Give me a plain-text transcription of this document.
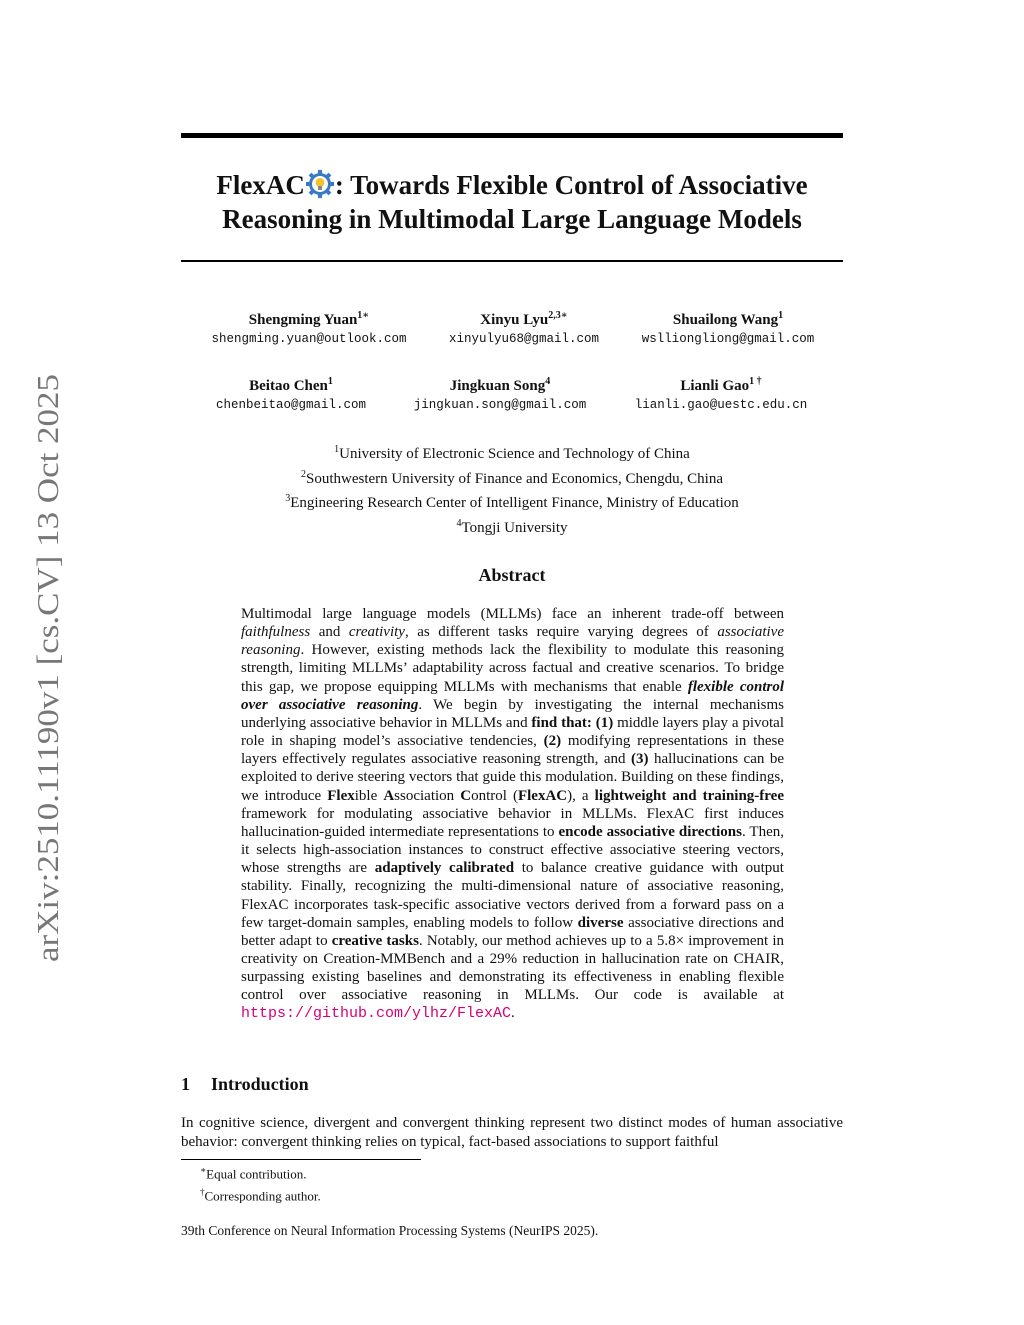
arXiv:2510.11190v1 [cs.CV] 13 Oct 2025
FlexAC : Towards Flexible Control of Associative
Reasoning in Multimodal Large Language Models
Shengming Yuan$^{1∗}$
shengming.yuan@outlook.com
Xinyu Lyu$^{2,3∗}$
xinyulyu68@gmail.com
Shuailong Wang$^1$
wslliongliong@gmail.com
Beitao Chen$^1$
chenbeitao@gmail.com
Jingkuan Song$^4$
jingkuan.song@gmail.com
Lianli Gao$^{1 \dagger}$
lianli.gao@uestc.edu.cn
$^1$University of Electronic Science and Technology of China
$^2$Southwestern University of Finance and Economics, Chengdu, China
$^3$Engineering Research Center of Intelligent Finance, Ministry of Education
$^4$Tongji University
Abstract

Multimodal large language models (MLLMs) face an inherent trade-off between faithfulness and creativity, as different tasks require varying degrees of associative reasoning. However, existing methods lack the flexibility to modulate this reasoning strength, limiting MLLMs’ adaptability across factual and creative scenarios. To bridge this gap, we propose equipping MLLMs with mechanisms that enable flexible control over associative reasoning. We begin by investigating the internal mechanisms underlying associative behavior in MLLMs and find that: (1) middle layers play a pivotal role in shaping model’s associative tendencies, (2) modifying representations in these layers effectively regulates associative reasoning strength, and (3) hallucinations can be exploited to derive steering vectors that guide this modulation. Building on these findings, we introduce Flexible Association Control (FlexAC), a lightweight and training-free framework for modulating associative behavior in MLLMs. FlexAC first induces hallucination-guided intermediate representations to encode associative directions. Then, it selects high-association instances to construct effective associative steering vectors, whose strengths are adaptively calibrated to balance creative guidance with output stability. Finally, recognizing the multi-dimensional nature of associative reasoning, FlexAC incorporates task-specific associative vectors derived from a forward pass on a few target-domain samples, enabling models to follow diverse associative directions and better adapt to creative tasks. Notably, our method achieves up to a 5.8× improvement in creativity on Creation-MMBench and a 29% reduction in hallucination rate on CHAIR, surpassing existing baselines and demonstrating its effectiveness in enabling flexible control over associative reasoning in MLLMs. Our code is available at https://github.com/ylhz/FlexAC.

1 Introduction

In cognitive science, divergent and convergent thinking represent two distinct modes of human associative behavior: convergent thinking relies on typical, fact-based associations to support faithful

∗Equal contribution.
†Corresponding author.
39th Conference on Neural Information Processing Systems (NeurIPS 2025).
